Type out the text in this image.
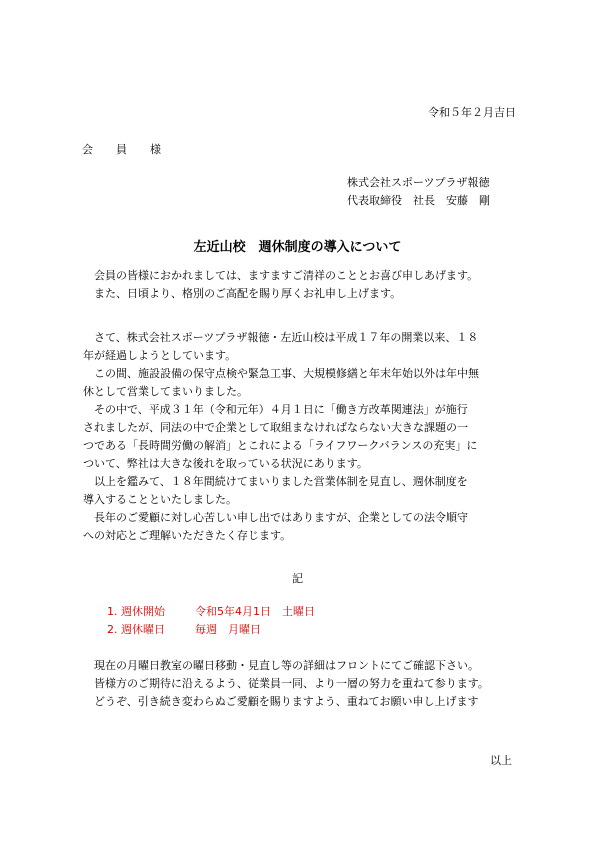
令和５年２月吉日
会　員　様
株式会社スポーツプラザ報徳
代表取締役　社長　安藤　剛
左近山校　週休制度の導入について

会員の皆様におかれましては、ますますご清祥のこととお喜び申しあげます。

また、日頃より、格別のご高配を賜り厚くお礼申し上げます。

さて、株式会社スポーツプラザ報徳・左近山校は平成１７年の開業以来、１８

年が経過しようとしています。

この間、施設設備の保守点検や緊急工事、大規模修繕と年末年始以外は年中無

休として営業してまいりました。

その中で、平成３１年（令和元年）４月１日に「働き方改革関連法」が施行

されましたが、同法の中で企業として取組まなければならない大きな課題の一

つである「長時間労働の解消」とこれによる「ライフワークバランスの充実」に

ついて、弊社は大きな後れを取っている状況にあります。

以上を鑑みて、１８年間続けてまいりました営業体制を見直し、週休制度を

導入することといたしました。

長年のご愛顧に対し心苦しい申し出ではありますが、企業としての法令順守

への対応とご理解いただきたく存じます。

記
1. 週休開始	令和5年4月1日　土曜日
2. 週休曜日	毎週　月曜日

現在の月曜日教室の曜日移動・見直し等の詳細はフロントにてご確認下さい。

皆様方のご期待に沿えるよう、従業員一同、より一層の努力を重ねて参ります。

どうぞ、引き続き変わらぬご愛顧を賜りますよう、重ねてお願い申し上げます

以上
